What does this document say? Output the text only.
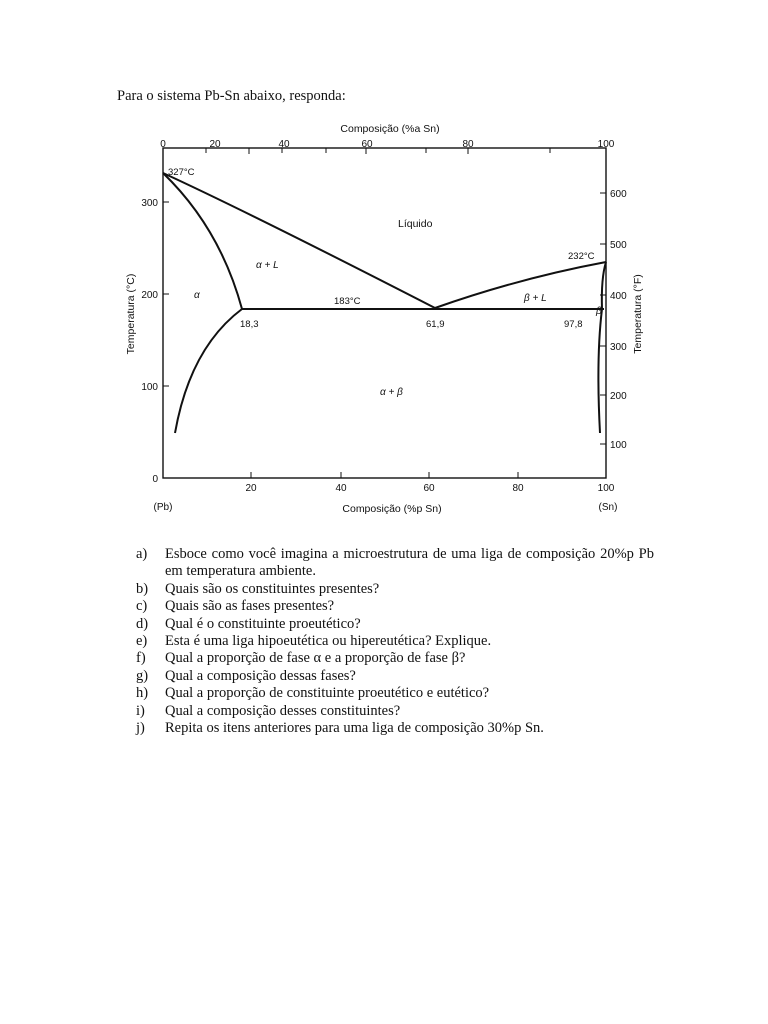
Para o sistema Pb-Sn abaixo, responda:
0	20	40	60	80	100
Composição (%a Sn)
0
100
200
300
Temperatura (°C)
100
200
300
400
500
600
Temperatura (°F)
20	40	60	80	100
(Pb)	(Sn)
Composição (%p Sn)
327°C
232°C
183°C
18,3	61,9	97,8
Líquido
α + L
α	β + L
β
α + β
a) Esboce como você imagina a microestrutura de uma liga de composição 20%p Pb em temperatura ambiente.
b) Quais são os constituintes presentes?
c) Quais são as fases presentes?
d) Qual é o constituinte proeutético?
e) Esta é uma liga hipoeutética ou hipereutética? Explique.
f) Qual a proporção de fase α e a proporção de fase β?
g) Qual a composição dessas fases?
h) Qual a proporção de constituinte proeutético e eutético?
i) Qual a composição desses constituintes?
j) Repita os itens anteriores para uma liga de composição 30%p Sn.
